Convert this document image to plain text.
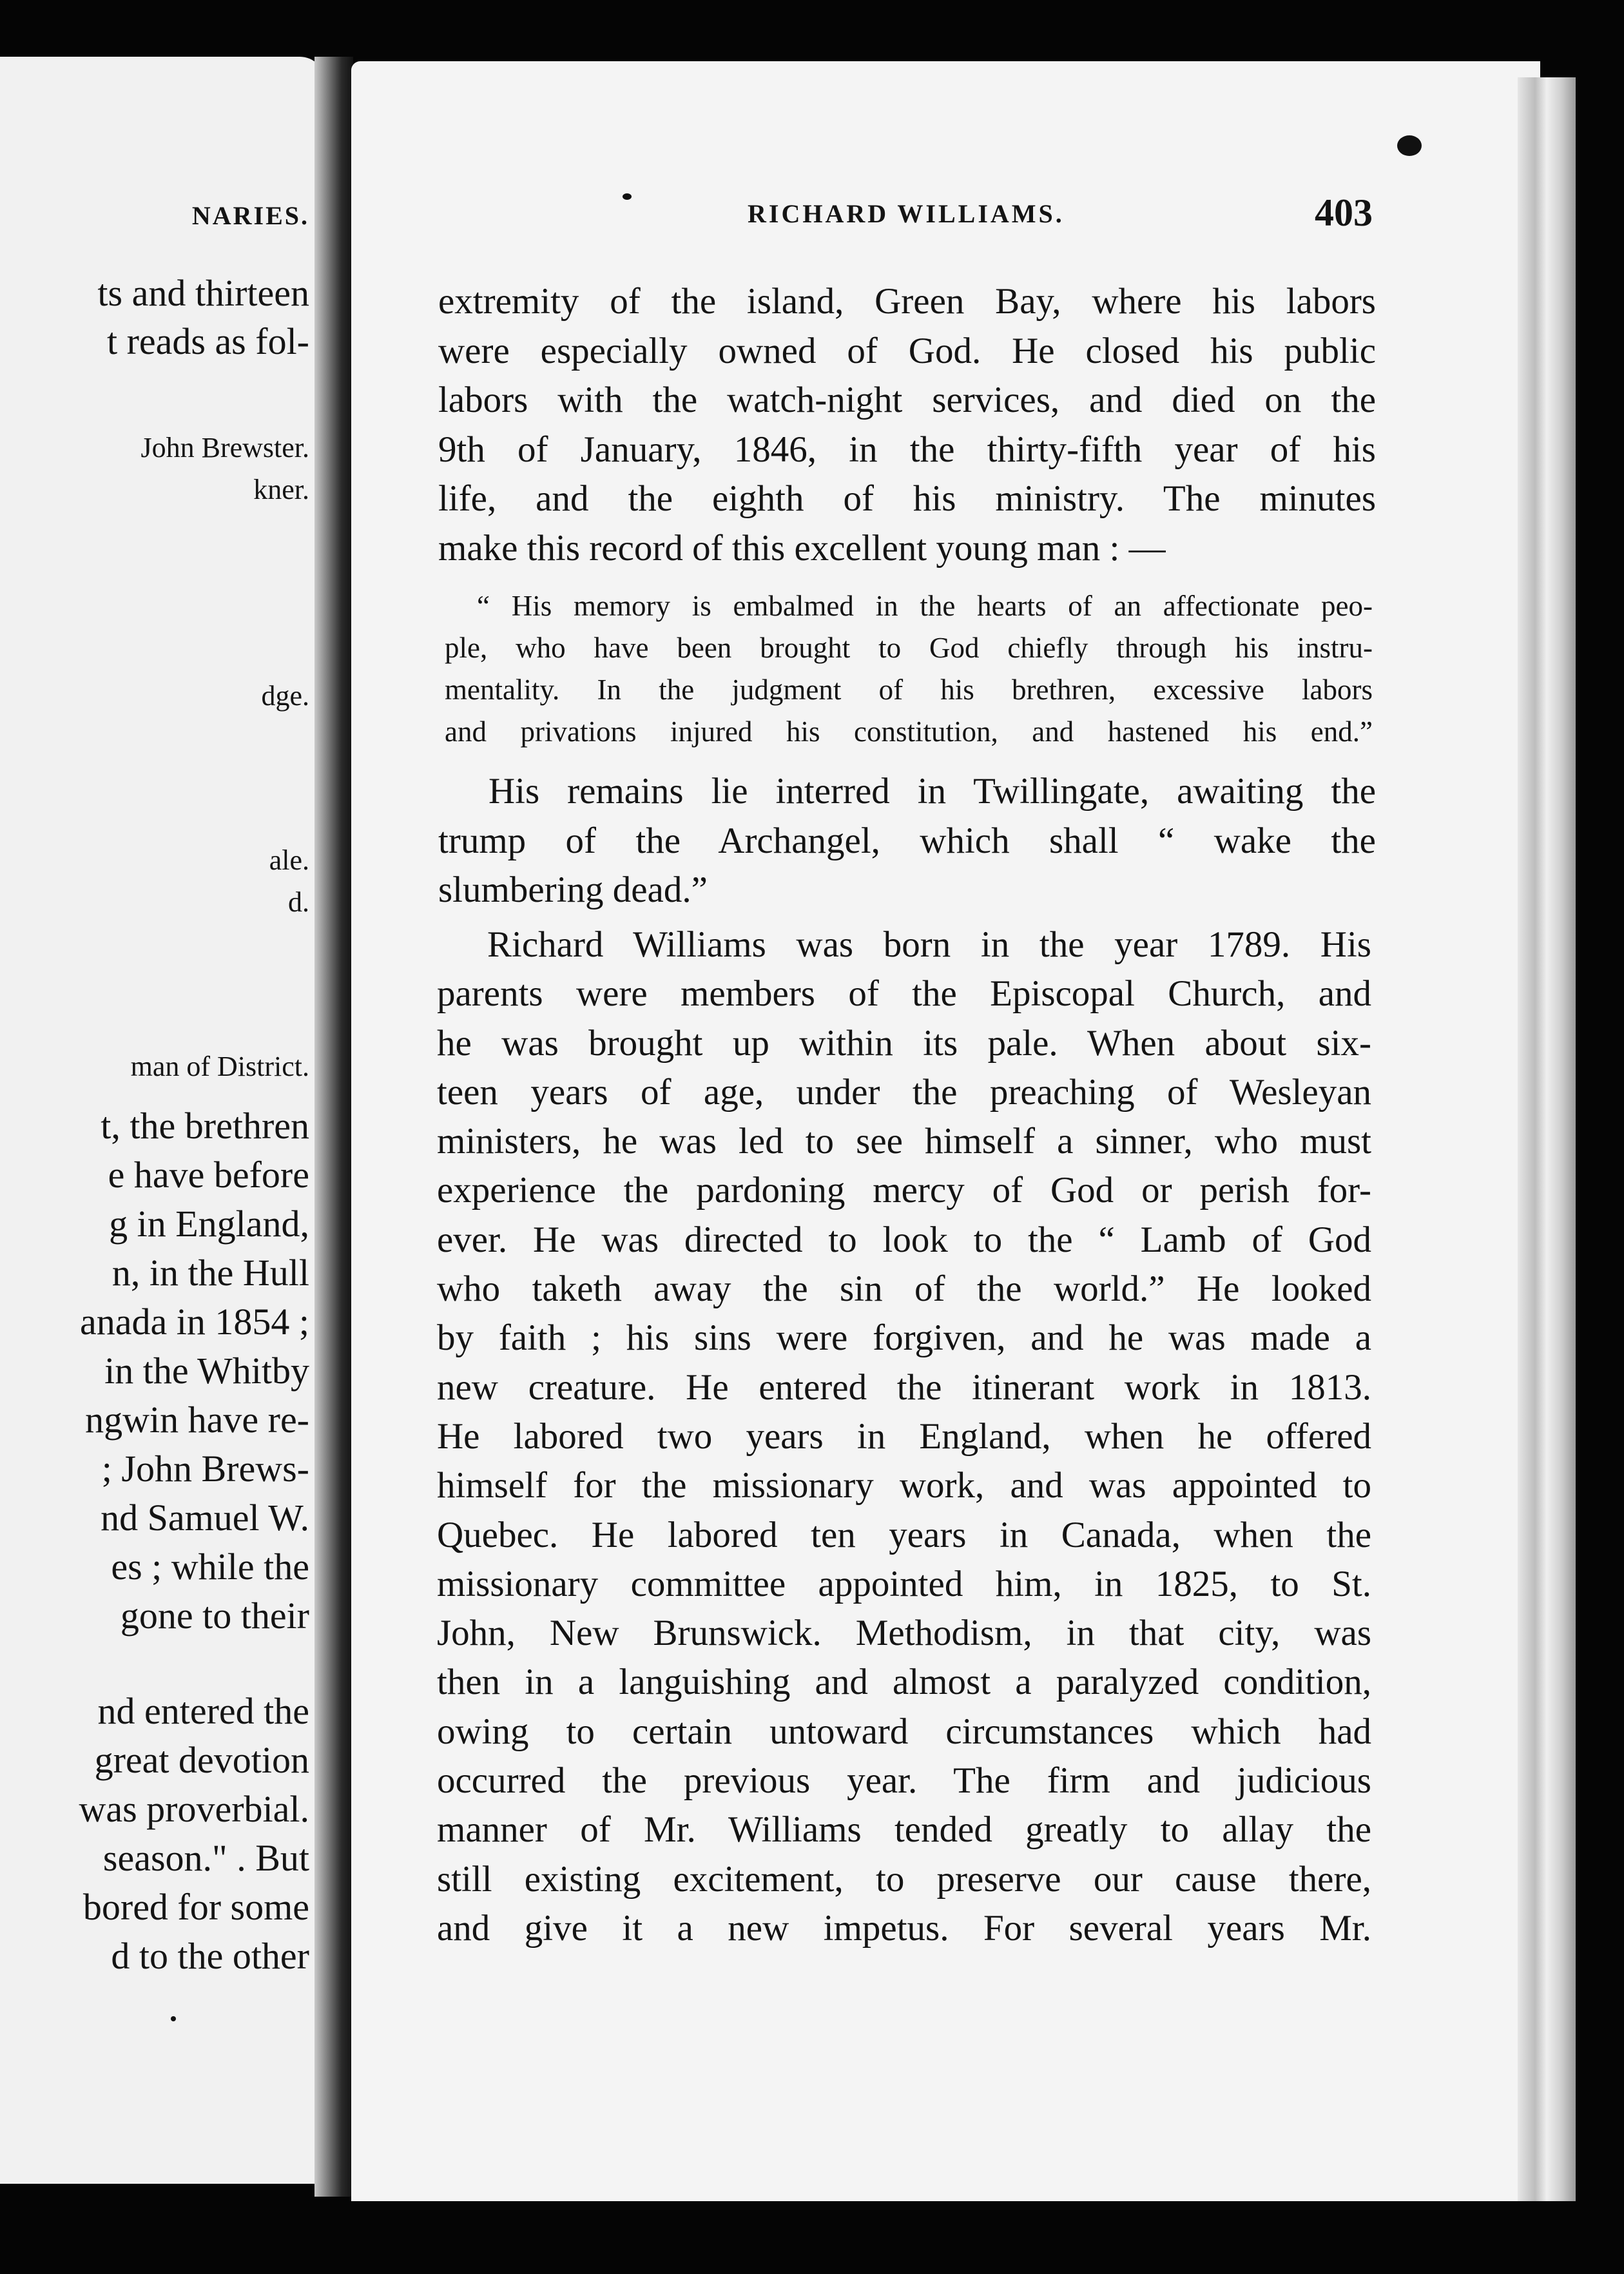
NARIES.
ts and thirteen
t reads as fol-
John Brewster.
kner.
dge.
ale.
d.
man of District.
t, the brethren
e have before
g in England,
n, in the Hull
anada in 1854 ;
in the Whitby
ngwin have re-
; John Brews-
nd Samuel W.
es ; while the
gone to their
nd entered the
great devotion
was proverbial.
season." . But
bored for some
d to the other
RICHARD WILLIAMS.	403
extremity of the island, Green Bay, where his labors
were especially owned of God. He closed his public
labors with the watch-night services, and died on the
9th of January, 1846, in the thirty-fifth year of his
life, and the eighth of his ministry. The minutes
make this record of this excellent young man : —
“ His memory is embalmed in the hearts of an affectionate peo-
ple, who have been brought to God chiefly through his instru-
mentality. In the judgment of his brethren, excessive labors
and privations injured his constitution, and hastened his end.”
His remains lie interred in Twillingate, awaiting the
trump of the Archangel, which shall “ wake the
slumbering dead.”
Richard Williams was born in the year 1789. His
parents were members of the Episcopal Church, and
he was brought up within its pale. When about six-
teen years of age, under the preaching of Wesleyan
ministers, he was led to see himself a sinner, who must
experience the pardoning mercy of God or perish for-
ever. He was directed to look to the “ Lamb of God
who taketh away the sin of the world.” He looked
by faith ; his sins were forgiven, and he was made a
new creature. He entered the itinerant work in 1813.
He labored two years in England, when he offered
himself for the missionary work, and was appointed to
Quebec. He labored ten years in Canada, when the
missionary committee appointed him, in 1825, to St.
John, New Brunswick. Methodism, in that city, was
then in a languishing and almost a paralyzed condition,
owing to certain untoward circumstances which had
occurred the previous year. The firm and judicious
manner of Mr. Williams tended greatly to allay the
still existing excitement, to preserve our cause there,
and give it a new impetus. For several years Mr.
